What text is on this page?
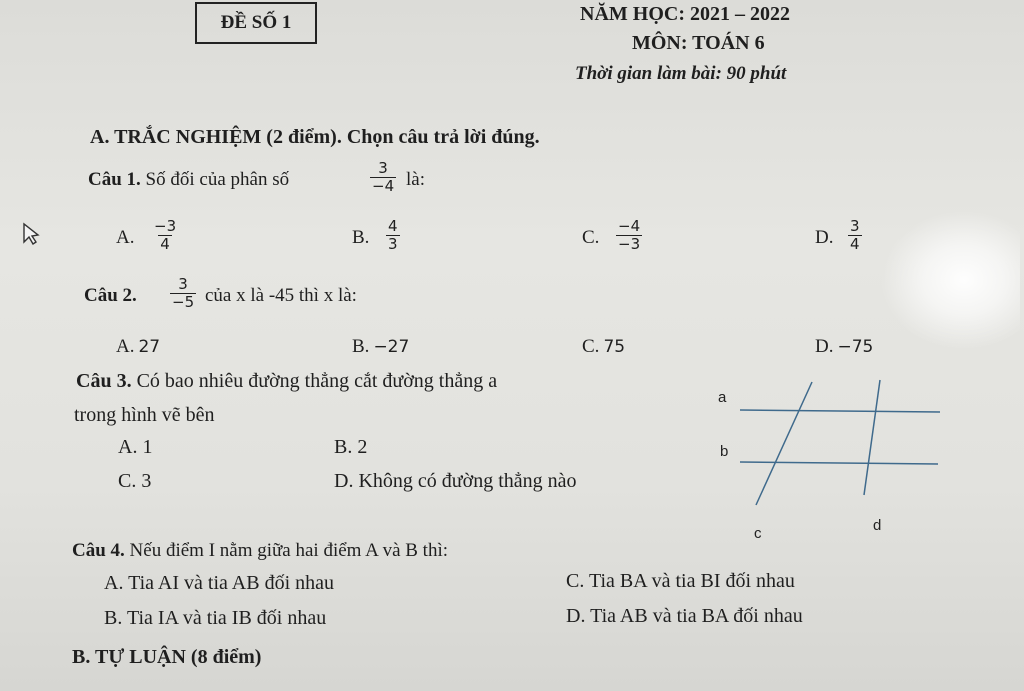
ĐỀ SỐ 1	NĂM HỌC: 2021 – 2022
MÔN: TOÁN 6
Thời gian làm bài: 90 phút
A. TRẮC NGHIỆM (2 điểm). Chọn câu trả lời đúng.
Câu 1. Số đối của phân số	$\frac{3}{-4}$ là:
A. $\frac{-3}{4}$	B. $\frac{4}{3}$	C. $\frac{-4}{-3}$	D. $\frac{3}{4}$
Câu 2. $\frac{3}{-5}$ của x là -45 thì x là:
A. 27	B. −27	C. 75	D. −75
Câu 3. Có bao nhiêu đường thẳng cắt đường thẳng a
trong hình vẽ bên
A. 1	B. 2
C. 3	D. Không có đường thẳng nào
a
b
c	d
Câu 4. Nếu điểm I nằm giữa hai điểm A và B thì:
A. Tia AI và tia AB đối nhau	C. Tia BA và tia BI đối nhau
B. Tia IA và tia IB đối nhau	D. Tia AB và tia BA đối nhau
B. TỰ LUẬN (8 điểm)
